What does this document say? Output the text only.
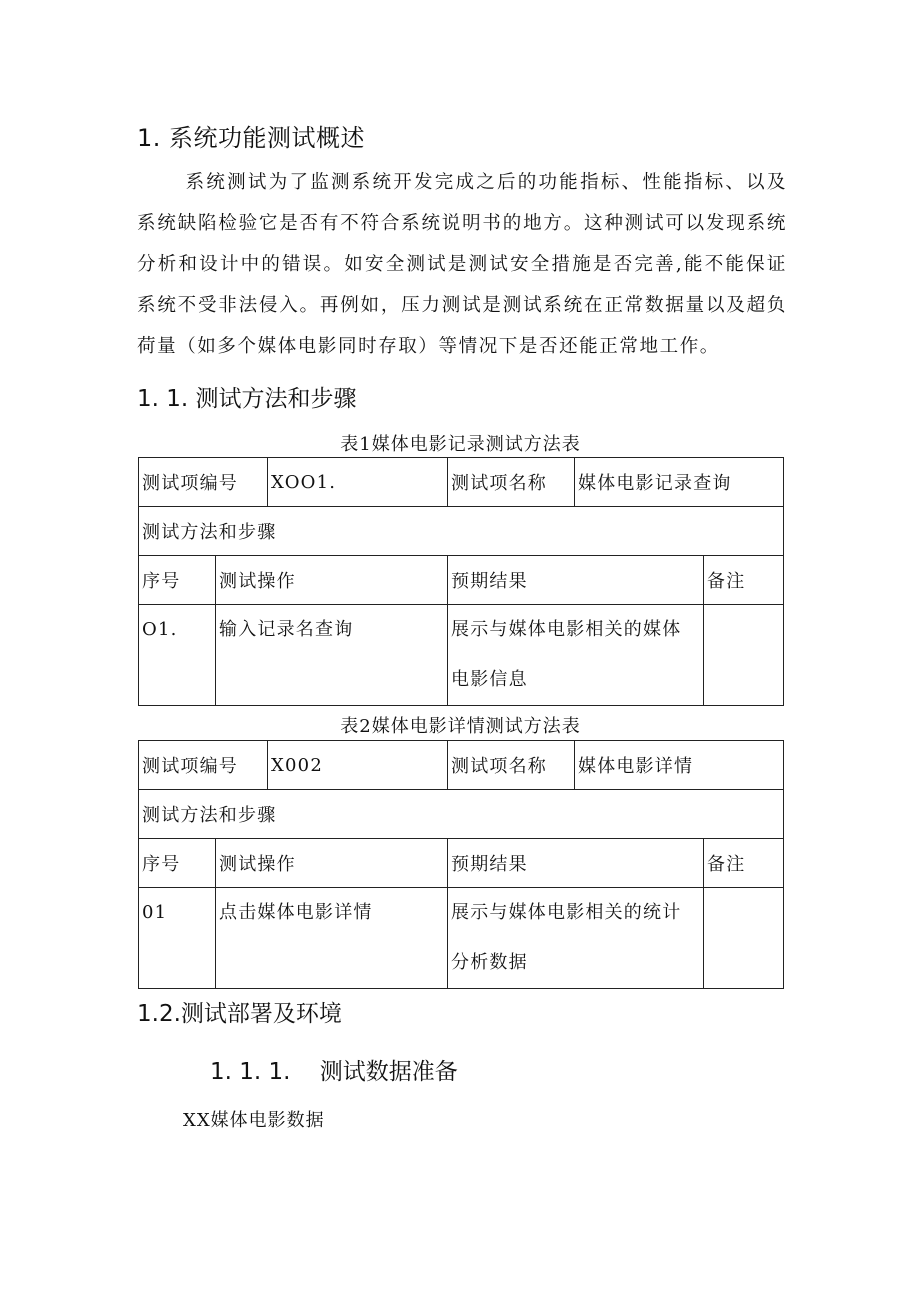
1. 系统功能测试概述
系统测试为了监测系统开发完成之后的功能指标、性能指标、以及系统缺陷检验它是否有不符合系统说明书的地方。这种测试可以发现系统分析和设计中的错误。如安全测试是测试安全措施是否完善,能不能保证系统不受非法侵入。再例如，压力测试是测试系统在正常数据量以及超负荷量（如多个媒体电影同时存取）等情况下是否还能正常地工作。
1. 1. 测试方法和步骤
表1媒体电影记录测试方法表
测试项编号		XOO1.	测试项名称	媒体电影记录查询	
测试方法和步骤					
序号	测试操作		预期结果		备注
O1.	输入记录名查询		展示与媒体电影相关的媒体电影信息		
表2媒体电影详情测试方法表
测试项编号		X002	测试项名称	媒体电影详情	
测试方法和步骤					
序号	测试操作		预期结果		备注
01	点击媒体电影详情		展示与媒体电影相关的统计分析数据		
1.2.测试部署及环境
1. 1. 1.    测试数据准备
XX媒体电影数据
